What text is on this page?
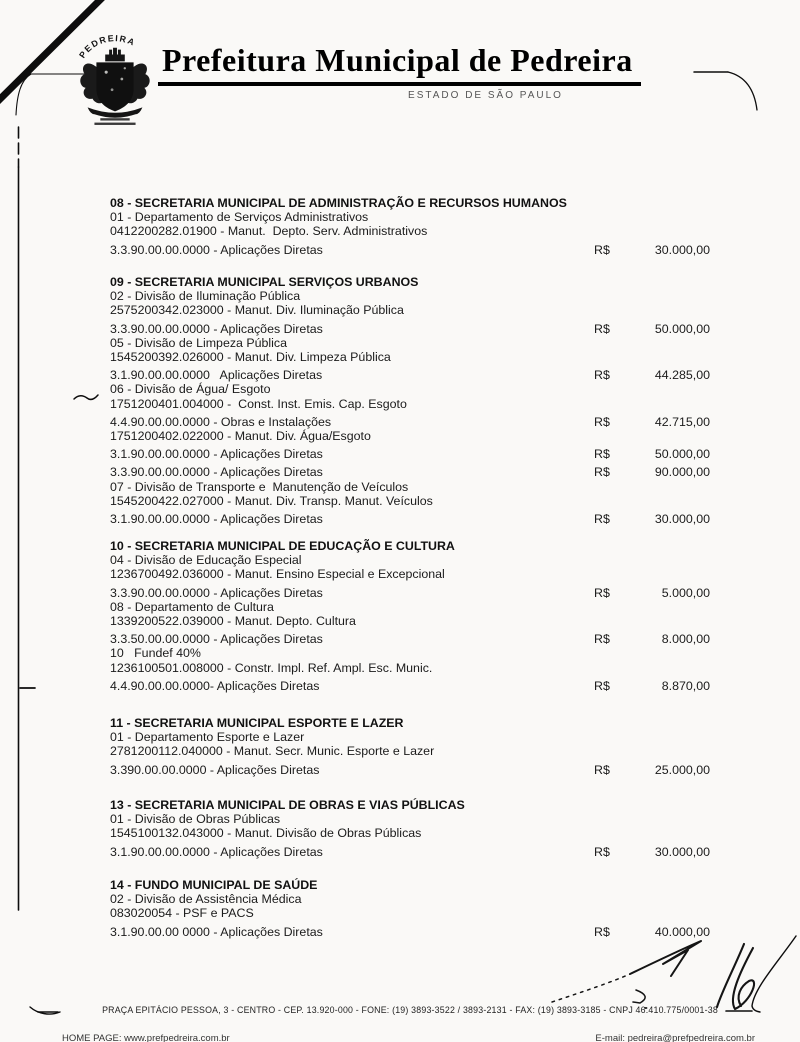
PEDREIRA
Prefeitura Municipal de Pedreira
ESTADO DE SÃO PAULO
08 - SECRETARIA MUNICIPAL DE ADMINISTRAÇÃO E RECURSOS HUMANOS
01 - Departamento de Serviços Administrativos
0412200282.01900 - Manut.  Depto. Serv. Administrativos
3.3.90.00.00.0000 - Aplicações Diretas	R$	30.000,00
09 - SECRETARIA MUNICIPAL SERVIÇOS URBANOS
02 - Divisão de Iluminação Pública
2575200342.023000 - Manut. Div. Iluminação Pública
3.3.90.00.00.0000 - Aplicações Diretas	R$	50.000,00
05 - Divisão de Limpeza Pública
1545200392.026000 - Manut. Div. Limpeza Pública
3.1.90.00.00.0000   Aplicações Diretas	R$	44.285,00
06 - Divisão de Água/ Esgoto
1751200401.004000 -  Const. Inst. Emis. Cap. Esgoto
4.4.90.00.00.0000 - Obras e Instalações	R$	42.715,00
1751200402.022000 - Manut. Div. Água/Esgoto
3.1.90.00.00.0000 - Aplicações Diretas	R$	50.000,00
3.3.90.00.00.0000 - Aplicações Diretas	R$	90.000,00
07 - Divisão de Transporte e  Manutenção de Veículos
1545200422.027000 - Manut. Div. Transp. Manut. Veículos
3.1.90.00.00.0000 - Aplicações Diretas	R$	30.000,00
10 - SECRETARIA MUNICIPAL DE EDUCAÇÃO E CULTURA
04 - Divisão de Educação Especial
1236700492.036000 - Manut. Ensino Especial e Excepcional
3.3.90.00.00.0000 - Aplicações Diretas	R$	5.000,00
08 - Departamento de Cultura
1339200522.039000 - Manut. Depto. Cultura
3.3.50.00.00.0000 - Aplicações Diretas	R$	8.000,00
10   Fundef 40%
1236100501.008000 - Constr. Impl. Ref. Ampl. Esc. Munic.
4.4.90.00.00.0000- Aplicações Diretas	R$	8.870,00
11 - SECRETARIA MUNICIPAL ESPORTE E LAZER
01 - Departamento Esporte e Lazer
2781200112.040000 - Manut. Secr. Munic. Esporte e Lazer
3.390.00.00.0000 - Aplicações Diretas	R$	25.000,00
13 - SECRETARIA MUNICIPAL DE OBRAS E VIAS PÚBLICAS
01 - Divisão de Obras Públicas
1545100132.043000 - Manut. Divisão de Obras Públicas
3.1.90.00.00.0000 - Aplicações Diretas	R$	30.000,00
14 - FUNDO MUNICIPAL DE SAÚDE
02 - Divisão de Assistência Médica
083020054 - PSF e PACS
3.1.90.00.00 0000 - Aplicações Diretas	R$	40.000,00
PRAÇA EPITÁCIO PESSOA, 3 - CENTRO - CEP. 13.920-000 - FONE: (19) 3893-3522 / 3893-2131 - FAX: (19) 3893-3185 - CNPJ 46.410.775/0001-38
HOME PAGE: www.prefpedreira.com.br	E-mail: pedreira@prefpedreira.com.br
